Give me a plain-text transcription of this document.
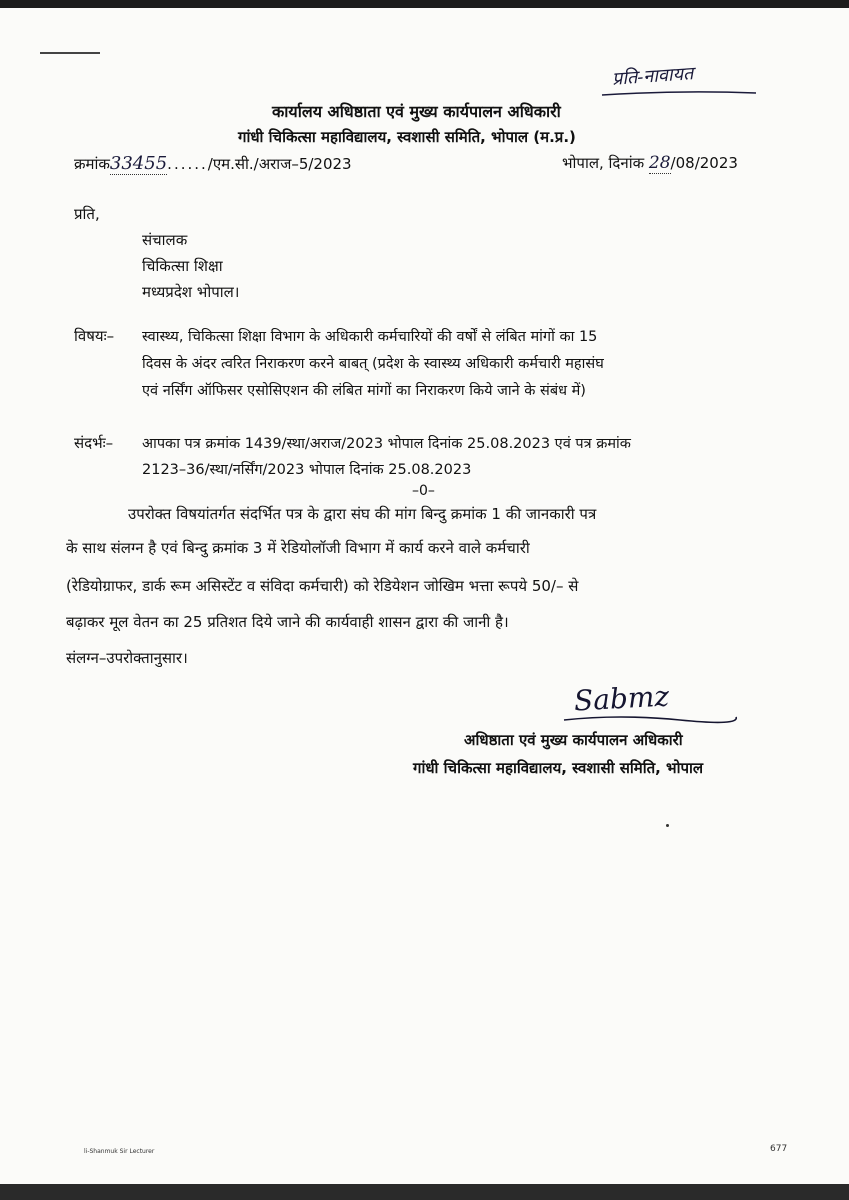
प्रति-नावायत
कार्यालय अधिष्ठाता एवं मुख्य कार्यपालन अधिकारी
गांधी चिकित्सा महाविद्यालय, स्वशासी समिति, भोपाल (म.प्र.)
क्रमांक33455....../एम.सी./अराज–5/2023	भोपाल, दिनांक 28/08/2023
प्रति,
संचालक
चिकित्सा शिक्षा
मध्यप्रदेश भोपाल।
विषयः– स्वास्थ्य, चिकित्सा शिक्षा विभाग के अधिकारी कर्मचारियों की वर्षों से लंबित मांगों का 15
दिवस के अंदर त्वरित निराकरण करने बाबत् (प्रदेश के स्वास्थ्य अधिकारी कर्मचारी महासंघ
एवं नर्सिंग ऑफिसर एसोसिएशन की लंबित मांगों का निराकरण किये जाने के संबंध में)
संदर्भः– आपका पत्र क्रमांक 1439/स्था/अराज/2023 भोपाल दिनांक 25.08.2023 एवं पत्र क्रमांक
2123–36/स्था/नर्सिंग/2023 भोपाल दिनांक 25.08.2023
–0–
उपरोक्त विषयांतर्गत संदर्भित पत्र के द्वारा संघ की मांग बिन्दु क्रमांक 1 की जानकारी पत्र
के साथ संलग्न है एवं बिन्दु क्रमांक 3 में रेडियोलॉजी विभाग में कार्य करने वाले कर्मचारी
(रेडियोग्राफर, डार्क रूम असिस्टेंट व संविदा कर्मचारी) को रेडियेशन जोखिम भत्ता रूपये 50/– से
बढ़ाकर मूल वेतन का 25 प्रतिशत दिये जाने की कार्यवाही शासन द्वारा की जानी है।
संलग्न–उपरोक्तानुसार।
Sabmz
अधिष्ठाता एवं मुख्य कार्यपालन अधिकारी
गांधी चिकित्सा महाविद्यालय, स्वशासी समिति, भोपाल
li-Shanmuk Sir Lecturer	677
